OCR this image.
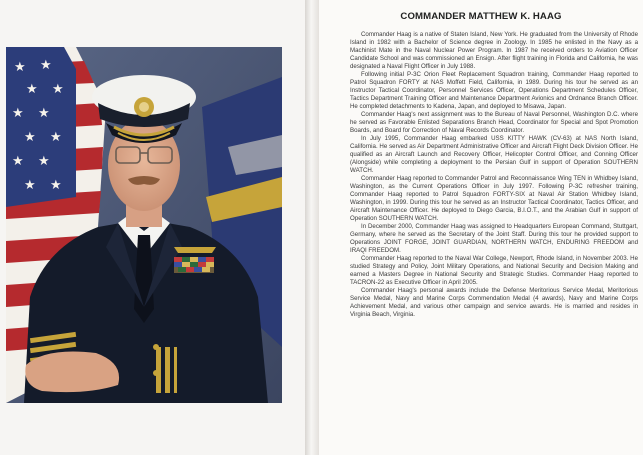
★ ★
★ ★
★ ★
★ ★
★ ★
★ ★
COMMANDER MATTHEW K. HAAG

Commander Haag is a native of Staten Island, New York. He graduated from the University of Rhode Island in 1982 with a Bachelor of Science degree in Zoology. In 1985 he enlisted in the Navy as a Machinist Mate in the Naval Nuclear Power Program. In 1987 he received orders to Aviation Officer Candidate School and was commissioned an Ensign. After flight training in Florida and California, he was designated a Naval Flight Officer in July 1988.

Following initial P-3C Orion Fleet Replacement Squadron training, Commander Haag reported to Patrol Squadron FORTY at NAS Moffett Field, California, in 1989. During his tour he served as an Instructor Tactical Coordinator, Personnel Services Officer, Operations Department Schedules Officer, Tactics Department Training Officer and Maintenance Department Avionics and Ordnance Branch Officer. He completed detachments to Kadena, Japan, and deployed to Misawa, Japan.

Commander Haag's next assignment was to the Bureau of Naval Personnel, Washington D.C. where he served as Favorable Enlisted Separations Branch Head, Coordinator for Special and Spot Promotion Boards, and Board for Correction of Naval Records Coordinator.

In July 1995, Commander Haag embarked USS KITTY HAWK (CV-63) at NAS North Island, California. He served as Air Department Administrative Officer and Aircraft Flight Deck Division Officer. He qualified as an Aircraft Launch and Recovery Officer, Helicopter Control Officer, and Conning Officer (Alongside) while completing a deployment to the Persian Gulf in support of Operation SOUTHERN WATCH.

Commander Haag reported to Commander Patrol and Reconnaissance Wing TEN in Whidbey Island, Washington, as the Current Operations Officer in July 1997. Following P-3C refresher training, Commander Haag reported to Patrol Squadron FORTY-SIX at Naval Air Station Whidbey Island, Washington, in 1999. During this tour he served as an Instructor Tactical Coordinator, Tactics Officer, and Aircraft Maintenance Officer. He deployed to Diego Garcia, B.I.O.T., and the Arabian Gulf in support of Operation SOUTHERN WATCH.

In December 2000, Commander Haag was assigned to Headquarters European Command, Stuttgart, Germany, where he served as the Secretary of the Joint Staff. During this tour he provided support to Operations JOINT FORGE, JOINT GUARDIAN, NORTHERN WATCH, ENDURING FREEDOM and IRAQI FREEDOM.

Commander Haag reported to the Naval War College, Newport, Rhode Island, in November 2003. He studied Strategy and Policy, Joint Military Operations, and National Security and Decision Making and earned a Masters Degree in National Security and Strategic Studies. Commander Haag reported to TACRON-22 as Executive Officer in April 2005.

Commander Haag's personal awards include the Defense Meritorious Service Medal, Meritorious Service Medal, Navy and Marine Corps Commendation Medal (4 awards), Navy and Marine Corps Achievement Medal, and various other campaign and service awards. He is married and resides in Virginia Beach, Virginia.
